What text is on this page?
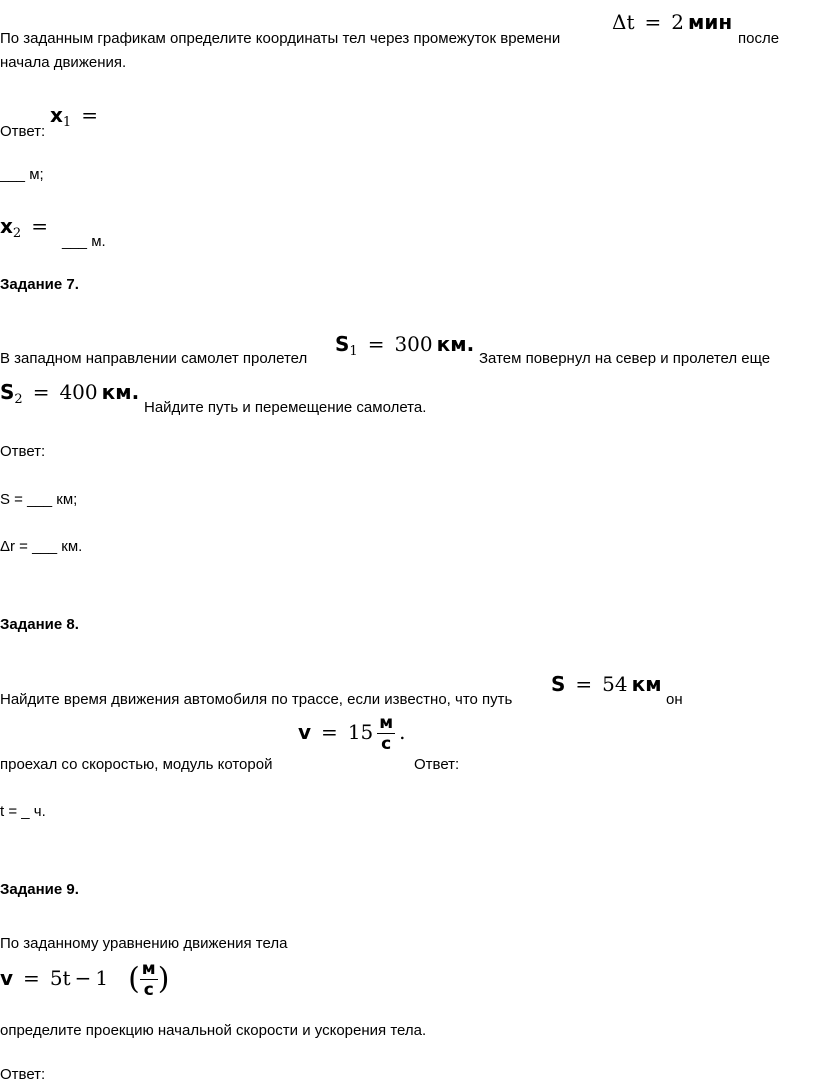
По заданным графикам определите координаты тел через промежуток времени
Δt = 2  мин
после
начала движения.
$x_1$ =
Ответ:
___ м;
$x_2$ =
___ м.
Задание 7.
В западном направлении самолет пролетел
$S_1 = 300$  км.
Затем повернул на север и пролетел еще
$S_2 = 400$  км.
Найдите путь и перемещение самолета.
Ответ:
S = ___ км;
Δr = ___ км.
Задание 8.
Найдите время движения автомобиля по трассе, если известно, что путь
S = 54  км
он
$v = 15 \frac{м}{с}$
  .
проехал со скоростью, модуль которой	Ответ:
t = _ ч.
Задание 9.
По заданному уравнению движения тела
v = 5t − 1  ( $\frac{м}{с}$ )
определите проекцию начальной скорости и ускорения тела.
Ответ:
